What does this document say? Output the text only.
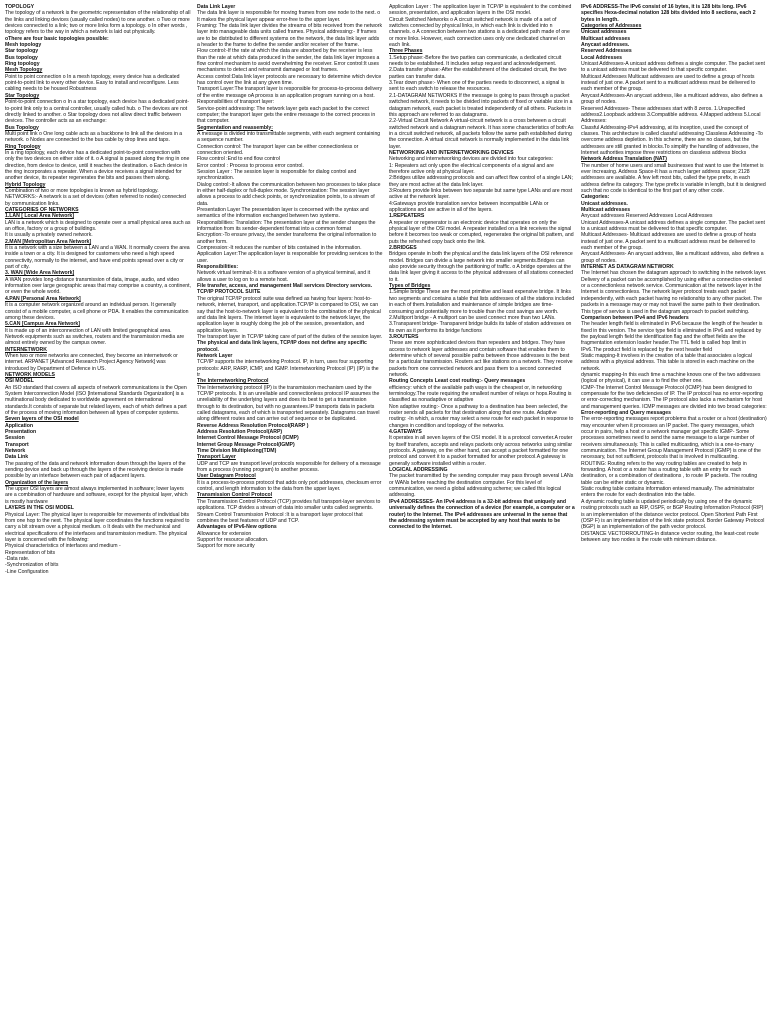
TOPOLOGY

The topology of a network is the geometric representation of the relationship of all the links and linking devices (usually called nodes) to one another. o Two or more devices connected to a link; two or more links form a topology. o In other words , topology refers to the way in which a network is laid out physically.

oThere are four basic topologies possible:

Mesh topology

Star topology

Bus topology

Ring topology

Mesh Topology

Point to point connection o In a mesh topology, every device has a dedicated point-to-point link to every other device. Easy to install and reconfigure. Less cabling needs to be housed Robustness

Star Topology

Point-to-point connection o In a star topology, each device has a dedicated point-to-point link only to a central controller, usually called hub. o The devices are not directly linked to another. o Star topology does not allow direct traffic between devices. The controller acts as an exchange:

Bus Topology

Multi point link o One long cable acts as a backbone to link all the devices in a network. o Nodes are connected to the bus cable by drop lines and taps.

Ring Topology

In a ring topology, each device has a dedicated point-to-point connection with only the two devices on either side of it. o A signal is passed along the ring in one direction, from device to device, until it reaches the destination. o Each device in the ring incorporates a repeater. When a device receives a signal intended for another device, its repeater regenerates the bits and passes them along.

Hybrid Topology

Combination of two or more topologies is known as hybrid topology.

NETWORKS:- A network is a set of devices (often referred to nodes) connected by communication links.

CATEGORIES OF NETWORKS

1.LAN [ Local Area Network]

LAN is a network which is designed to operate over a small physical area such as an office, factory or a group of buildings.

It is usually a privately owned network.

2.MAN [Metropolitan Area Network]

It is a network with a size between a LAN and a WAN. It normally covers the area inside a town or a city. It is designed for customers who need a high speed connectivity, normally to the internet, and have end points spread over a city or part of city.

3. WAN [Wide Area Network]

A WAN provides long-distance transmission of data, image, audio, and video information over large geographic areas that may comprise a country, a continent, or even the whole world.

4.PAN [Personal Area Network]

It is a computer network organized around an individual person. It generally consist of a mobile computer, a cell phone or PDA. It enables the communication among these devices.

5.CAN [Campus Area Network]

It is made up of an interconnection of LAN with limited geographical area. Network equipments such as switches, routers and the transmission media are almost entirely owned by the campus owner.

INTERNETWORK

When two or more networks are connected, they become an internetwork or internet. ARPANET [Advanced Research Project Agency Network] was introduced by Department of Defence in US.

NETWORK MODELS

OSI MODEL

An ISO standard that covers all aspects of network communications is the Open System Interconnection Model (ISO [International Standards Organization] is a multinational body dedicated to worldwide agreement on international standards.It consists of separate but related layers, each of which defines a part of the process of moving information between all types of computer systems.

Seven layers of the OSI model

Application

Presentation

Session

Transport

Network

Data Link

The passing of the data and network information down through the layers of the sending device and back up through the layers of the receiving device is made possible by an interface between each pair of adjacent layers.

Organization of the layers

The upper OSI layers are almost always implemented in software; lower layers are a combination of hardware and software, except for the physical layer, which is mostly hardware

LAYERS IN THE OSI MODEL

Physical Layer: The physical layer is responsible for movements of individual bits from one hop to the next. The physical layer coordinates the functions required to carry a bit stream over a physical medium. o It deals with the mechanical and electrical specifications of the interfaces and transmission medium. The physical layer is concerned with the following:

Physical characteristics of interfaces and medium -

Representation of bits

-Data rate.

-Synchronization of bits

-Line Configuration

Data Link Layer

The data link layer is responsible for moving frames from one node to the next. o It makes the physical layer appear error-free to the upper layer.

Framing: The data link layer divides the streams of bits received from the network layer into manageable data units called frames. Physical addressing:- If frames are to be distributed to different systems on the network, the data link layer adds a header to the frame to define the sender and/or receiver of the frame.

Flow control:-If the rate at which the data are absorbed by the receiver is less than the rate at which data produced in the sender, the data link layer imposes a flow control mechanism to avoid overwhelming the receiver. Error control:It uses mechanisms to detect and retransmit damaged or lost frames.

Access control:Data link layer protocols are necessary to determine which device has control over the link at any given time.

Transport Layer:The transport layer is responsible for process-to-process delivery of the entire message oA process is an application program running on a host. Responsibilities of transport layer:

Service-point addressing: The network layer gets each packet to the correct computer; the transport layer gets the entire message to the correct process in that computer.

Segmentation and reassembly:

A message is divided into transmittable segments, with each segment containing a sequence number.

Connection control: The transport layer can be either connectionless or connection oriented.

Flow control :End to end flow control

Error control : Process to process error control.

Session Layer : The session layer is responsible for dialog control and synchronization.

Dialog control:-It allows the communication between two processes to take place in either half-duplex or full-duplex mode. Synchronization: The session layer allows a process to add check points, or synchronization points, to a stream of data.

Presentation Layer The presentation layer is concerned with the syntax and semantics of the information exchanged between two systems.

Responsibilities: Translation: The presentation layer at the sender changes the information from its sender-dependent format into a common format

Encryption:-To ensure privacy, the sender transforms the original information to another form.

Compression:-It reduces the number of bits contained in the information.

Application Layer:The application layer is responsible for providing services to the user.

Responsibilities:

Network virtual terminal:-It is a software version of a physical terminal, and it allows a user to log on to a remote host.

File transfer, access, and management Mail services Directory services.

TCP/IP PROTOCOL SUITE

The original TCP/IP protocol suite was defined as having four layers: host-to-network, internet, transport, and application.TCP/IP is compared to OSI, we can say that the host-to-network layer is equivalent to the combination of the physical and data link layers. The internet layer is equivalent to the network layer, the application layer is roughly doing the job of the session, presentation, and application layers.

The transport layer in TCP/IP taking care of part of the duties of the session layer.

The physical and data link layers, TCP/IP does not define any specific protocol.

Network Layer

TCP/IP supports the internetworking Protocol. IP, in turn, uses four supporting protocols: ARP, RARP, ICMP, and IGMP. Internetworking Protocol (IP) (IP) is the tr

The Internetworking Protocol

The Internetworking protocol (IP) is the transmission mechanism used by the TCP/IP protocols. It is an unreliable and connectionless protocol IP assumes the unreliability of the underlying layers and does its best to get a transmission through to its destination, but with no guarantees.IP transports data in packets called datagrams, each of which is transported separately. Datagrams can travel along different routes and can arrive out of sequence or be duplicated.

Reverse Address Resolution Protocol(RARP )

Address Resolution Protocol(ARP)

Internet Control Message Protocol (ICMP)

Internet Group Message Protocol(IGMP)

Time Division Multiplexing(TDM)

Transport Layer

UDP and TCP are transport level protocols responsible for delivery of a message from a process (running program) to another process.

User Datagram Protocol

It is a process-to-process protocol that adds only port addresses, checksum error control, and length information to the data from the upper layer.

Transmission Control Protocol

The Transmission Control Protocol (TCP) provides full transport-layer services to applications. TCP divides a stream of data into smaller units called segments.

Stream Control Transmission Protocol :It is a transport layer protocol that combines the best features of UDP and TCP.

Advantages of IPv6-New options

Allowance for extension

Support for resource allocation.

Support for more security

Application Layer : The application layer in TCP/IP is equivalent to the combined session, presentation, and application layers in the OSI model.

Circuit Switched Networks o A circuit switched network is made of a set of switches connected by physical links, in which each link is divided into n channels. o A connection between two stations is a dedicated path made of one or more links. However, each connection uses only one dedicated channel on each link.

Three Phases

1.Setup phase:-Before the two parties can communicate, a dedicated circuit needs to be established. It includes setup request and acknowledgement.

2.Data transfer phase:-After the establishment of the dedicated circuit, the two parties can transfer data.

3.Tear down phase:- When one of the parties needs to disconnect, a signal is sent to each switch to release the resources.

2.1-DATAGRAM NETWORKS If the message is going to pass through a packet switched network, it needs to be divided into packets of fixed or variable size in a datagram network, each packet is treated independently of all others. Packets in this approach are referred to as datagrams.

2.2-Virtual Circuit Network A virtual-circuit network is a cross between a circuit switched network and a datagram network. It has some characteristics of both:As in a circuit switched network, all packets follow the same path established during the connection. A virtual circuit network is normally implemented in the data link layer.

NETWORKING AND INTERNETWORKING DEVICES

Networking and internetworking devices are divided into four categories:

1: Repeaters act only upon the electrical components of a signal and are therefore active only at physical layer.

2:Bridges utilize addressing protocols and can affect flow control of a single LAN; they are most active at the data link layer.

3:Routers provide links between two separate but same type LANs and are most active at the network layer.

4:Gateways provide translation service between incompatible LANs or applications and are active in all of the layers.

1.REPEATERS

A repeater or regenerator is an electronic device that operates on only the physical layer of the OSI model. A repeater installed on a link receives the signal before it becomes too weak or corrupted, regenerates the original bit pattern, and puts the refreshed copy back onto the link.

2.BRIDGES

Bridges operate in both the physical and the data link layers of the OSI reference model. Bridges can divide a large network into smaller segments.Bridges can also provide security through the partitioning of traffic. o A bridge operates at the data link layer giving it access to the physical addresses of all stations connected to it.

Types of Bridges

1.Simple bridge These are the most primitive and least expensive bridge. It links two segments and contains a table that lists addresses of all the stations included in each of them.Installation and maintenance of simple bridges are time-consuming and potentially more to trouble than the cost savings are worth.

2.Multiport bridge - A multiport can be used connect more than two LANs.

3.Transparent bridge- Transparent bridge builds its table of station addresses on its own as it performs its bridge functions

3.ROUTERS

These are more sophisticated devices than repeaters and bridges. They have access to network layer addresses and contain software that enables them to determine which of several possible paths between those addresses is the best for a particular transmission. Routers act like stations on a network. They receive packets from one connected network and pass them to a second connected network.

Routing Concepts Least cost routing:- Query messages

efficiency: which of the available path ways is the cheapest or, in networking terminology.The route requiring the smallest number of relays or hops.Routing is classified as nonadaptive or adaptive

Non adaptive routing:- Once a pathway to a destination has been selected, the router sends all packets for that destination along that one route. Adaptive routing: -In which, a router may select a new route for each packet in response to changes in condition and topology of the networks.

4.GATEWAYS

It operates in all seven layers of the OSI model. It is a protocol converter.A router by itself transfers, accepts and relays packets only across networks using similar protocols. A gateway, on the other hand, can accept a packet formatted for one protocol and convert it to a packet formatted for another protocol.A gateway is generally software installed within a router.

LOGICAL ADDRESSING

The packet transmitted by the sending computer may pass through several LANs or WANs before reaching the destination computer. For this level of communication, we need a global addressing scheme; we called this logical addressing.

IPv4 ADDRESSES- An IPv4 address is a 32-bit address that uniquely and universally defines the connection of a device (for example, a computer or a router) to the Internet. The IPv4 addresses are universal in the sense that the addressing system must be accepted by any host that wants to be connected to the Internet.

IPv6 ADDRESS-The IPv6 consist of 16 bytes, it is 128 bits long. IPv6 specifies Hexa-decimal notation 128 bits divided into 8 sections, each 2 bytes in length.

Categories of Addresses

Unicast addresses

Multicast addresses

Anycast addresses.

Reserved Addresses

Local Addresses

Unicast Addresses-A unicast address defines a single computer. The packet sent to a unicast address must be delivered to that specific computer.

Multicast Addresses Multicast addresses are used to define a group of hosts instead of just one. A packet sent to a multicast address must be delivered to each member of the group.

Anycast Addresses-An anycast address, like a multicast address, also defines a group of nodes.

Reserved Addresses- These addresses start with 8 zeros. 1.Unspecified address2.Loopback address 3.Compatible address. 4.Mapped address 5.Local Addresses:

Classful Addressing-IPv4 addressing, at its inception, used the concept of classes. This architecture is called classful addressing Classless Addressing -To overcome address depletion. In this scheme, there are no classes, but the addresses are still granted in blocks.To simplify the handling of addresses, the Internet authorities impose three restrictions on classless address blocks

Network Address Translation (NAT)

The number of home users and small businesses that want to use the Internet is ever increasing. Address Space-It has a much larger address space; 2128 addresses are available. A few left most bits, called the type prefix, in each address define its category. The type prefix is variable in length, but it is designed such that no code is identical to the first part of any other code.

Categories:

Unicast addresses.

Multicast addresses

Anycast addresses Reserved Addresses Local Addresses

Unicast Addresses-A unicast address defines a single computer. The packet sent to a unicast address must be delivered to that specific computer.

Multicast Addresses- Multicast addresses are used to define a group of hosts instead of just one. A packet sent to a multicast address must be delivered to each member of the group.

Anycast Addresses- An anycast address, like a multicast address, also defines a group of nodes.

INTERNET AS DATAGRAM NETWORK

The Internet has chosen the datagram approach to switching in the network layer. Delivery of a packet can be accomplished by using either a connection-oriented or a connectionless network service. Communication at the network layer in the Internet is connectionless. The network layer protocol treats each packet independently, with each packet having no relationship to any other packet. The packets in a message may or may not travel the same path to their destination. This type of service is used in the datagram approach to packet switching.

Comparison between IPv4 and IPv6 headers

The header length field is eliminated in IPv6 because the length of the header is fixed in this version. The service type field is eliminated in IPv6 and replaced by the payload length field the identification flag and the offset fields are the fragmentation extension loader header.The TTL field is called hop limit in IPv6.The product field is replaced by the next header field

Static mapping-It involves in the creation of a table that associates a logical address with a physical address. This table is stored in each machine on the network.

dynamic mapping-In this each time a machine knows one of the two addresses (logical or physical), it can use a to find the other one.

ICMP-The Internet Control Message Protocol (ICMP) has been designed to compensate for the two deficiencies of IP. The IP protocol has no error-reporting or error-correcting mechanism. The IP protocol also lacks a mechanism for host and management queries. ICMP messages are divided into two broad categories:

Error-reporting and Query messages

The error-reporting messages report problems that a router or a host (destination) may encounter when it processes an IP packet. The query messages, which occur in pairs, help a host or a network manager get specific IGMP- Some processes sometimes need to send the same message to a large number of receivers simultaneously. This is called multicasting, which is a one-to-many communication. The Internet Group Management Protocol (IGMP) is one of the necessary, but not sufficient, protocols that is involved in multicasting.

ROUTING: Routing refers to the way routing tables are created to help in forwarding. A host or a router has a routing table with an entry for each destination, or a combination of destinations , to route IP packets. The routing table can be either static or dynamic.

Static routing table contains information entered manually. The administrator enters the route for each destination into the table.

A dynamic routing table is updated periodically by using one of the dynamic routing protocols such as RIP, OSPF, or BGP Routing Information Protocol (RIP) is an implementation of the distance vector protocol. Open Shortest Path First (OSP F) is an implementation of the link state protocol. Border Gateway Protocol (BGP) is an implementation of the path vector protocol.

DISTANCE VECTORROUTING-In distance vector routing, the least-cost route between any two nodes is the route with minimum distance.
